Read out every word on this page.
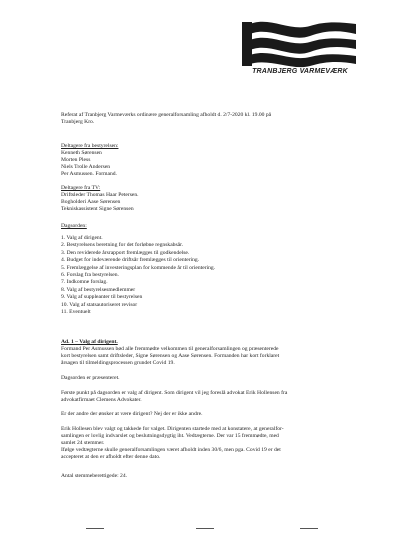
TRANBJERG VARMEVÆRK
Referat af Tranbjerg Varmeværks ordinære generalforsamling afholdt d. 2/7-2020 kl. 19.00 på
Tranbjerg Kro.
Deltagere fra bestyrelsen:
Kenneth Sørensen
Morten Pless
Niels Trolle Andersen
Per Asmussen. Formand.
Deltagere fra TV:
Driftsleder Thomas Haar Petersen.
Bogholderi Aase Sørensen
Tekniskassistent Signe Sørensen
Dagsorden:
1. Valg af dirigent.
2. Bestyrelsens beretning for det forløbne regnskabsår.
3. Den reviderede årsrapport fremlægges til godkendelse.
4. Budget for indeværende driftsår fremlægges til orientering.
5. Fremlæggelse af investeringsplan for kommende år til orientering.
6. Forslag fra bestyrelsen.
7. Indkomne forslag.
8. Valg af bestyrelsesmedlemmer
9. Valg af suppleanter til bestyrelsen
10. Valg af statsautoriseret revisor
11. Eventuelt
Ad. 1 – Valg af dirigent.
Formand Per Asmussen bød alle fremmødte velkommen til generalforsamlingen og præsenterede
kort bestyrelsen samt driftsleder, Signe Sørensen og Aase Sørensen. Formanden har kort forklaret
årsagen til tilmeldingsprocessen grundet Covid 19.
Dagsorden er præsenteret.
Første punkt på dagsorden er valg af dirigent. Som dirigent vil jeg foreslå advokat Erik Hollensen fra
advokatfirmaet Clemens Advokater.
Er der andre der ønsker at være dirigent? Nej der er ikke andre.
Erik Hollesen blev valgt og takkede for valget. Dirigenten startede med at konstatere, at generalfor-
samlingen er lovlig indvarslet og beslutningsdygtig iht. Vedtægterne. Der var 15 fremmødte, med
samlet 24 stemmer.
Ifølge vedtægterne skulle generalforsamlingen været afholdt inden 30/6, men pga. Covid 19 er det
accepteret at den er afholdt efter denne dato.
Antal stemmeberettigede: 24.
